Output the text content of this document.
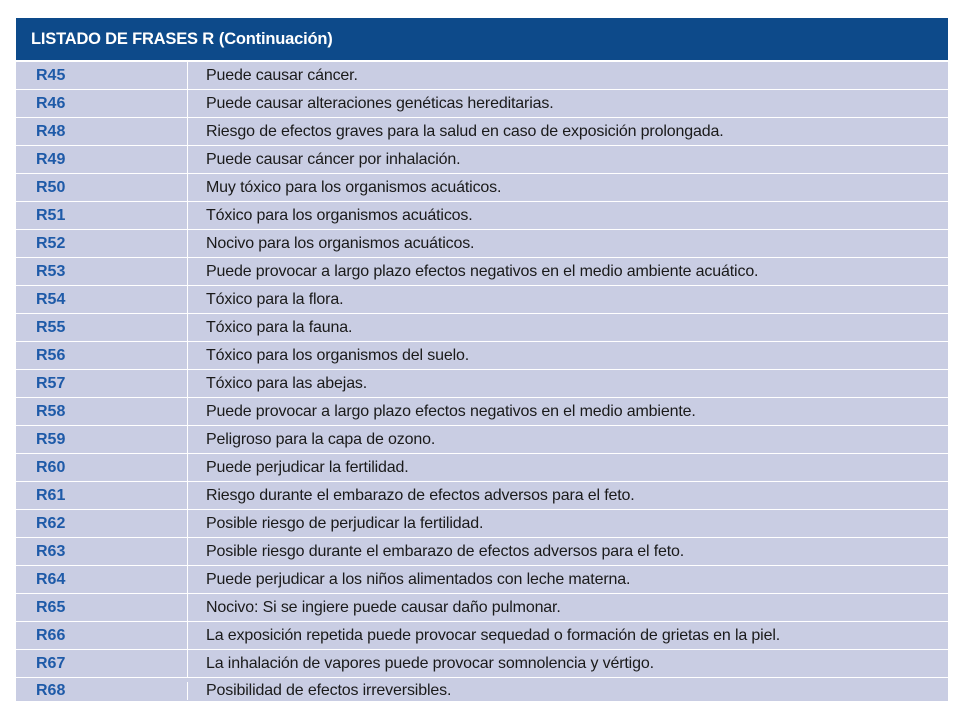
LISTADO DE FRASES R (Continuación)
R45	Puede causar cáncer.
R46	Puede causar alteraciones genéticas hereditarias.
R48	Riesgo de efectos graves para la salud en caso de exposición prolongada.
R49	Puede causar cáncer por inhalación.
R50	Muy tóxico para los organismos acuáticos.
R51	Tóxico para los organismos acuáticos.
R52	Nocivo para los organismos acuáticos.
R53	Puede provocar a largo plazo efectos negativos en el medio ambiente acuático.
R54	Tóxico para la flora.
R55	Tóxico para la fauna.
R56	Tóxico para los organismos del suelo.
R57	Tóxico para las abejas.
R58	Puede provocar a largo plazo efectos negativos en el medio ambiente.
R59	Peligroso para la capa de ozono.
R60	Puede perjudicar la fertilidad.
R61	Riesgo durante el embarazo de efectos adversos para el feto.
R62	Posible riesgo de perjudicar la fertilidad.
R63	Posible riesgo durante el embarazo de efectos adversos para el feto.
R64	Puede perjudicar a los niños alimentados con leche materna.
R65	Nocivo: Si se ingiere puede causar daño pulmonar.
R66	La exposición repetida puede provocar sequedad o formación de grietas en la piel.
R67	La inhalación de vapores puede provocar somnolencia y vértigo.
R68	Posibilidad de efectos irreversibles.
